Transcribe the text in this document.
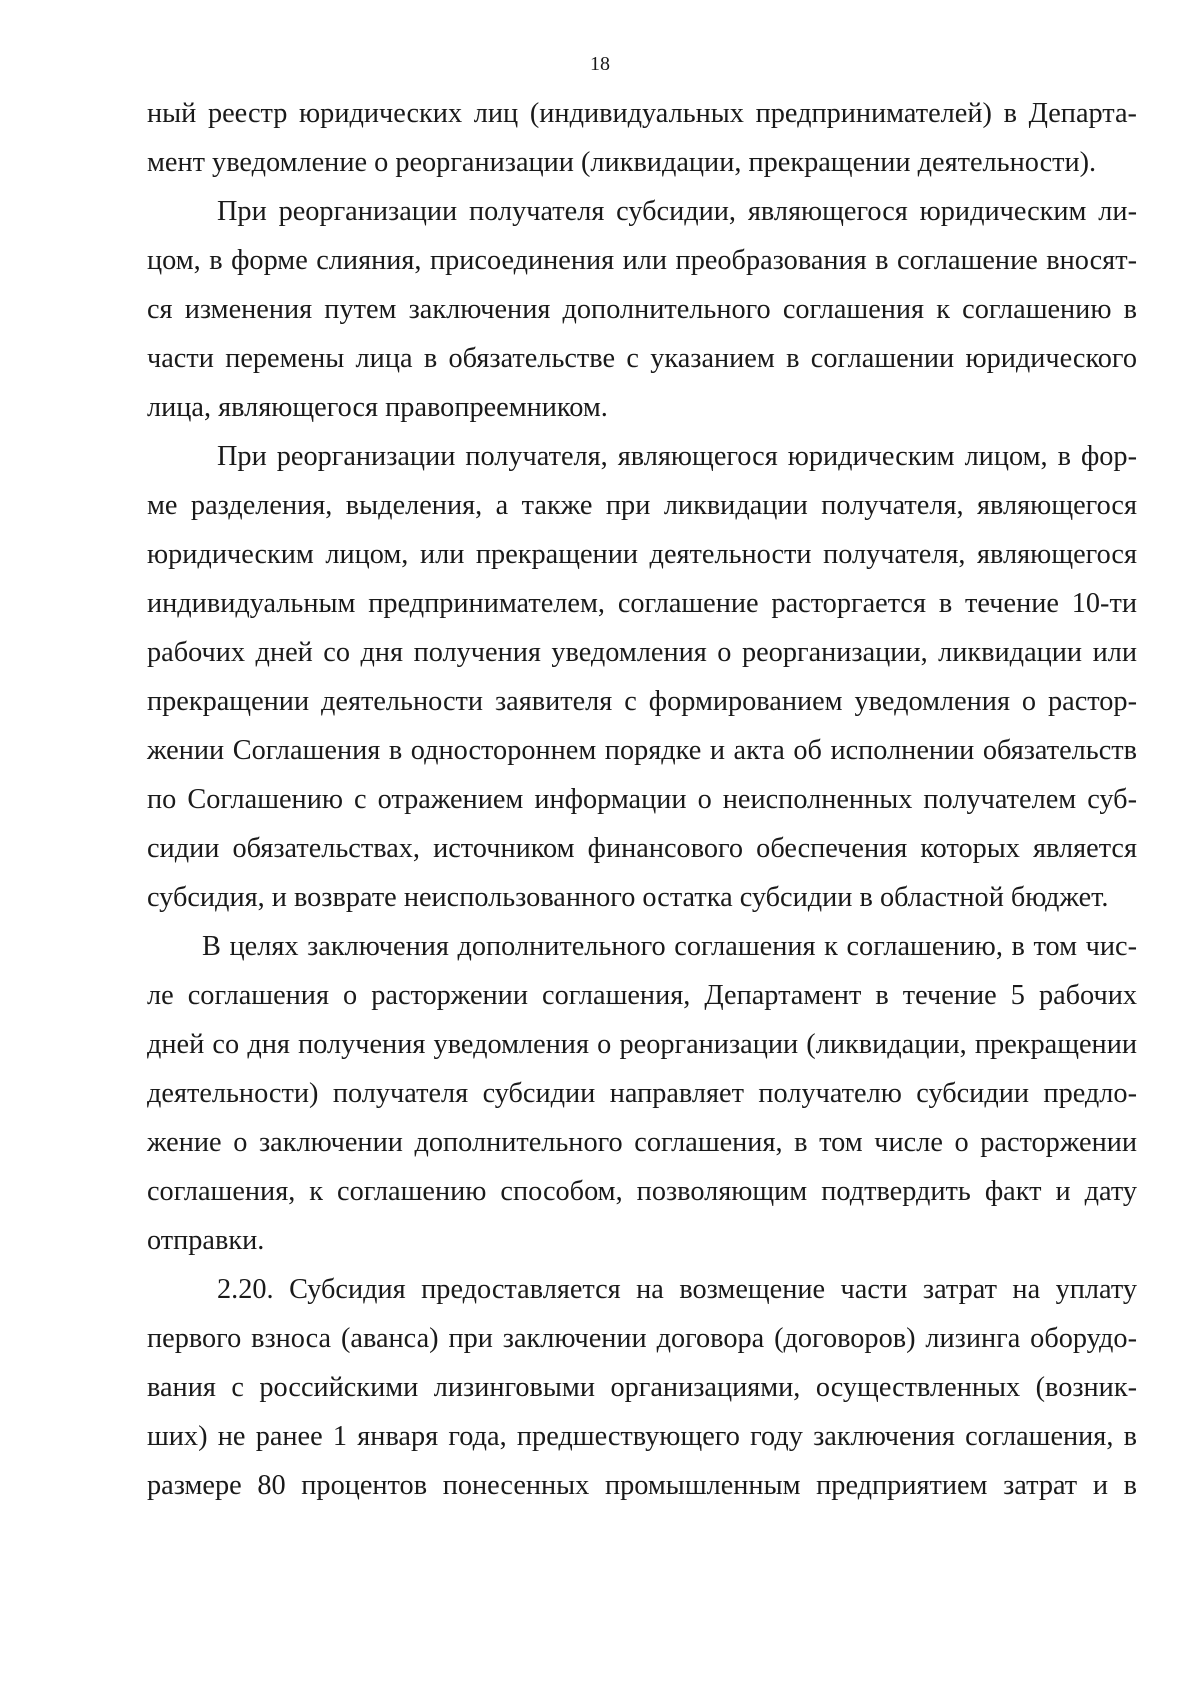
18
ный реестр юридических лиц (индивидуальных предпринимателей) в Департа-
мент уведомление о реорганизации (ликвидации, прекращении деятельности).
При реорганизации получателя субсидии, являющегося юридическим ли-
цом, в форме слияния, присоединения или преобразования в соглашение вносят-
ся изменения путем заключения дополнительного соглашения к соглашению в
части перемены лица в обязательстве с указанием в соглашении юридического
лица, являющегося правопреемником.
При реорганизации получателя, являющегося юридическим лицом, в фор-
ме разделения, выделения, а также при ликвидации получателя, являющегося
юридическим лицом, или прекращении деятельности получателя, являющегося
индивидуальным предпринимателем, соглашение расторгается в течение 10-ти
рабочих дней со дня получения уведомления о реорганизации, ликвидации или
прекращении деятельности заявителя с формированием уведомления о растор-
жении Соглашения в одностороннем порядке и акта об исполнении обязательств
по Соглашению с отражением информации о неисполненных получателем суб-
сидии обязательствах, источником финансового обеспечения которых является
субсидия, и возврате неиспользованного остатка субсидии в областной бюджет.
В целях заключения дополнительного соглашения к соглашению, в том чис-
ле соглашения о расторжении соглашения, Департамент в течение 5 рабочих
дней со дня получения уведомления о реорганизации (ликвидации, прекращении
деятельности) получателя субсидии направляет получателю субсидии предло-
жение о заключении дополнительного соглашения, в том числе о расторжении
соглашения, к соглашению способом, позволяющим подтвердить факт и дату
отправки.
2.20. Субсидия предоставляется на возмещение части затрат на уплату
первого взноса (аванса) при заключении договора (договоров) лизинга оборудо-
вания с российскими лизинговыми организациями, осуществленных (возник-
ших) не ранее 1 января года, предшествующего году заключения соглашения, в
размере 80 процентов понесенных промышленным предприятием затрат и в
